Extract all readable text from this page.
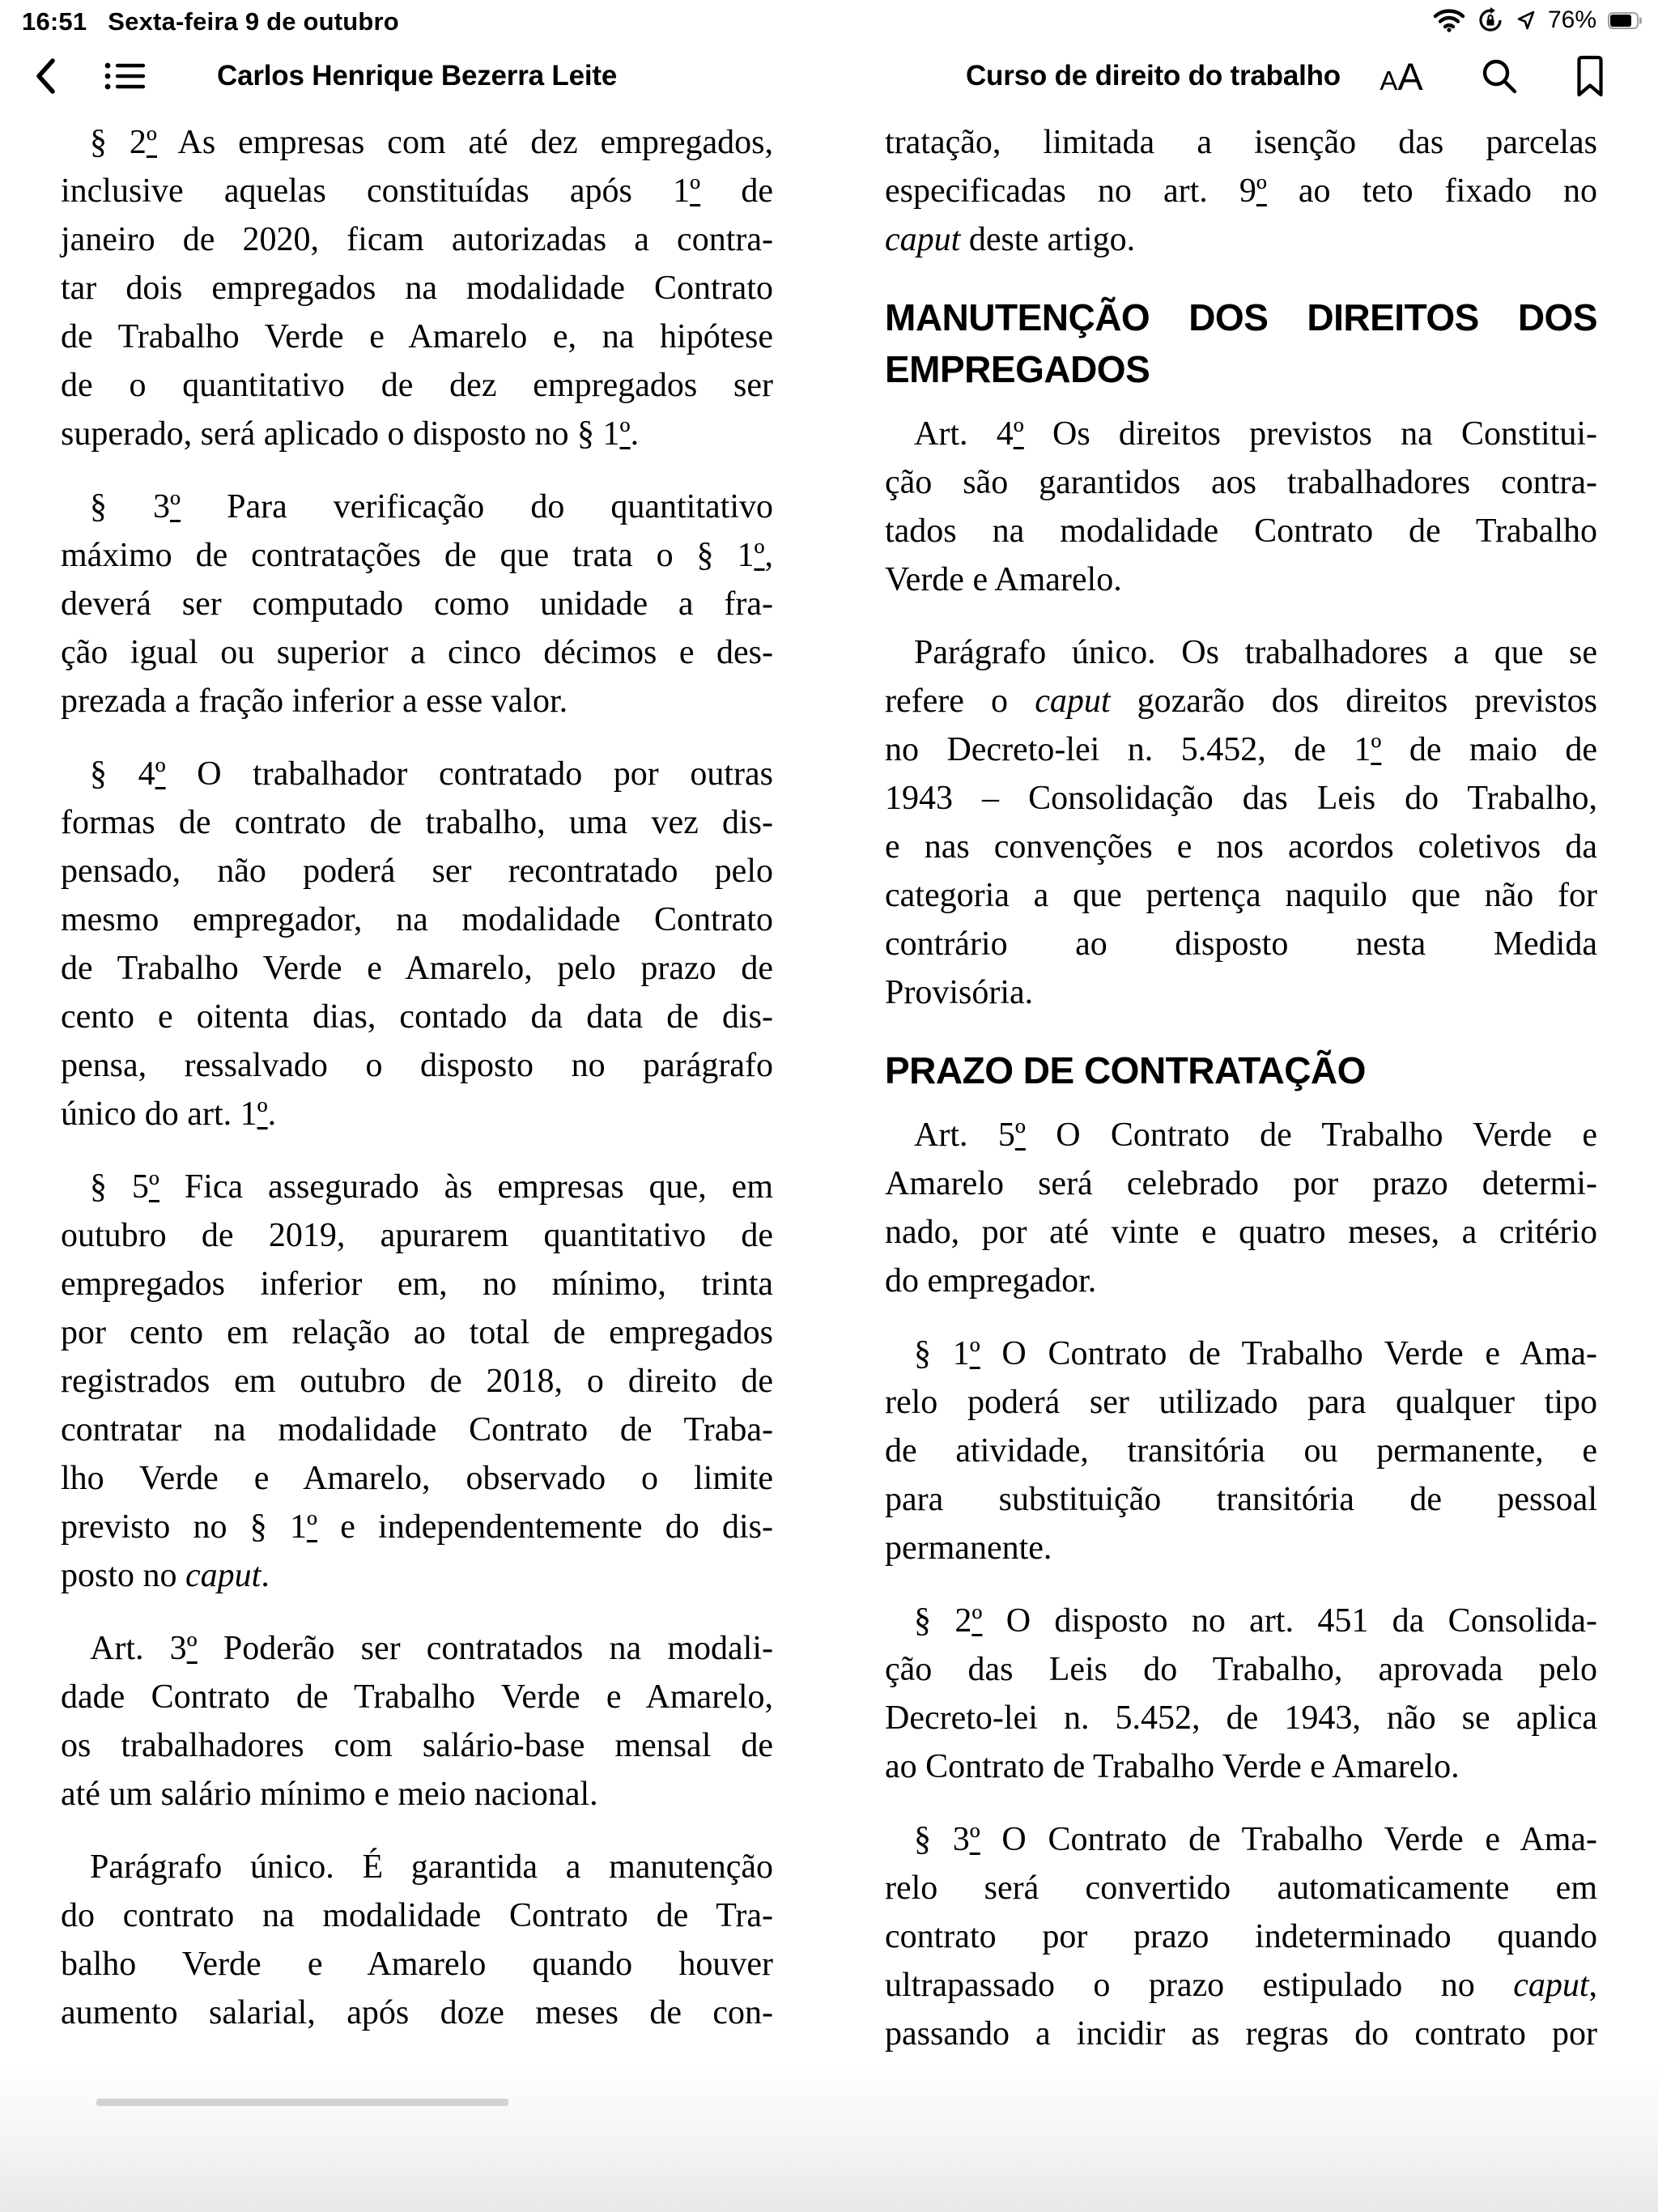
16:51 Sexta-feira 9 de outubro	76%
Carlos Henrique Bezerra Leite	Curso de direito do trabalho A A
§ 2º As empresas com até dez empregados,
inclusive aquelas constituídas após 1º de
janeiro de 2020, ficam autorizadas a contra-
tar dois empregados na modalidade Contrato
de Trabalho Verde e Amarelo e, na hipótese
de o quantitativo de dez empregados ser
superado, será aplicado o disposto no § 1º.
§ 3º Para verificação do quantitativo
máximo de contratações de que trata o § 1º,
deverá ser computado como unidade a fra-
ção igual ou superior a cinco décimos e des-
prezada a fração inferior a esse valor.
§ 4º O trabalhador contratado por outras
formas de contrato de trabalho, uma vez dis-
pensado, não poderá ser recontratado pelo
mesmo empregador, na modalidade Contrato
de Trabalho Verde e Amarelo, pelo prazo de
cento e oitenta dias, contado da data de dis-
pensa, ressalvado o disposto no parágrafo
único do art. 1º.
§ 5º Fica assegurado às empresas que, em
outubro de 2019, apurarem quantitativo de
empregados inferior em, no mínimo, trinta
por cento em relação ao total de empregados
registrados em outubro de 2018, o direito de
contratar na modalidade Contrato de Traba-
lho Verde e Amarelo, observado o limite
previsto no § 1º e independentemente do dis-
posto no caput.
Art. 3º Poderão ser contratados na modali-
dade Contrato de Trabalho Verde e Amarelo,
os trabalhadores com salário-base mensal de
até um salário mínimo e meio nacional.
Parágrafo único. É garantida a manutenção
do contrato na modalidade Contrato de Tra-
balho Verde e Amarelo quando houver
aumento salarial, após doze meses de con-
tratação, limitada a isenção das parcelas
especificadas no art. 9º ao teto fixado no
caput deste artigo.
MANUTENÇÃO DOS DIREITOS DOS
EMPREGADOS
Art. 4º Os direitos previstos na Constitui-
ção são garantidos aos trabalhadores contra-
tados na modalidade Contrato de Trabalho
Verde e Amarelo.
Parágrafo único. Os trabalhadores a que se
refere o caput gozarão dos direitos previstos
no Decreto-lei n. 5.452, de 1º de maio de
1943 – Consolidação das Leis do Trabalho,
e nas convenções e nos acordos coletivos da
categoria a que pertença naquilo que não for
contrário ao disposto nesta Medida
Provisória.
PRAZO DE CONTRATAÇÃO
Art. 5º O Contrato de Trabalho Verde e
Amarelo será celebrado por prazo determi-
nado, por até vinte e quatro meses, a critério
do empregador.
§ 1º O Contrato de Trabalho Verde e Ama-
relo poderá ser utilizado para qualquer tipo
de atividade, transitória ou permanente, e
para substituição transitória de pessoal
permanente.
§ 2º O disposto no art. 451 da Consolida-
ção das Leis do Trabalho, aprovada pelo
Decreto-lei n. 5.452, de 1943, não se aplica
ao Contrato de Trabalho Verde e Amarelo.
§ 3º O Contrato de Trabalho Verde e Ama-
relo será convertido automaticamente em
contrato por prazo indeterminado quando
ultrapassado o prazo estipulado no caput,
passando a incidir as regras do contrato por
